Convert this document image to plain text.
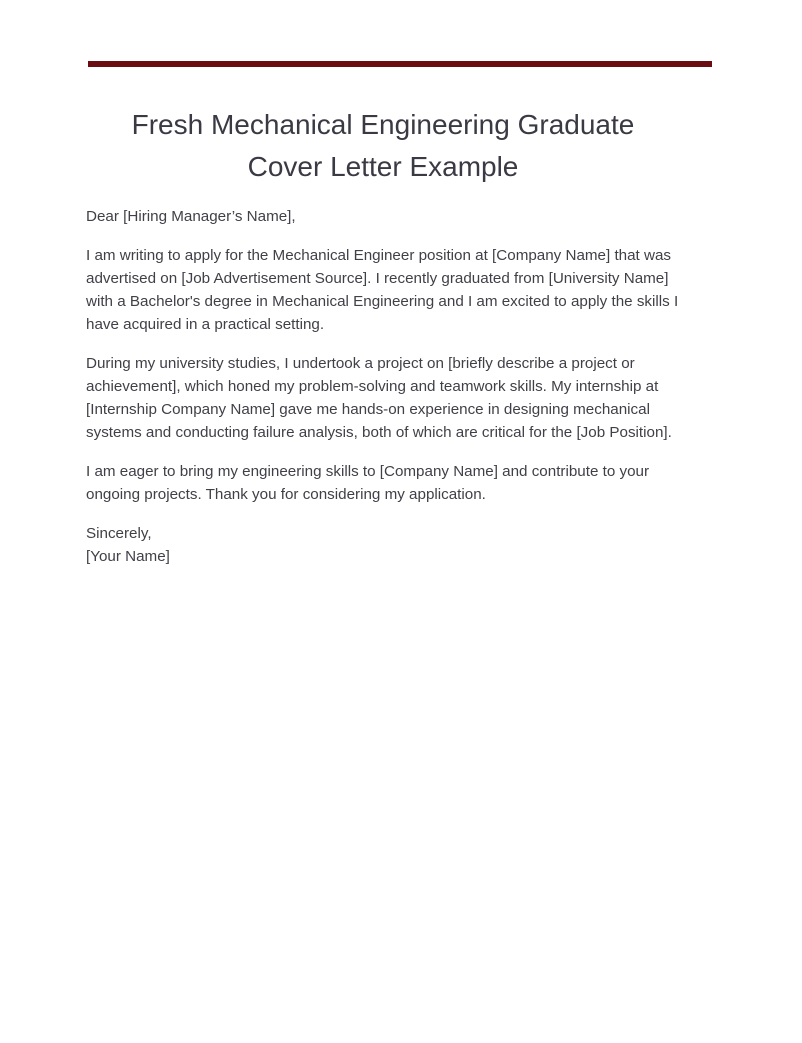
Fresh Mechanical Engineering Graduate
Cover Letter Example

Dear [Hiring Manager’s Name],

I am writing to apply for the Mechanical Engineer position at [Company Name] that was advertised on [Job Advertisement Source]. I recently graduated from [University Name] with a Bachelor's degree in Mechanical Engineering and I am excited to apply the skills I have acquired in a practical setting.

During my university studies, I undertook a project on [briefly describe a project or achievement], which honed my problem-solving and teamwork skills. My internship at [Internship Company Name] gave me hands-on experience in designing mechanical systems and conducting failure analysis, both of which are critical for the [Job Position].

I am eager to bring my engineering skills to [Company Name] and contribute to your ongoing projects. Thank you for considering my application.

Sincerely,

[Your Name]
